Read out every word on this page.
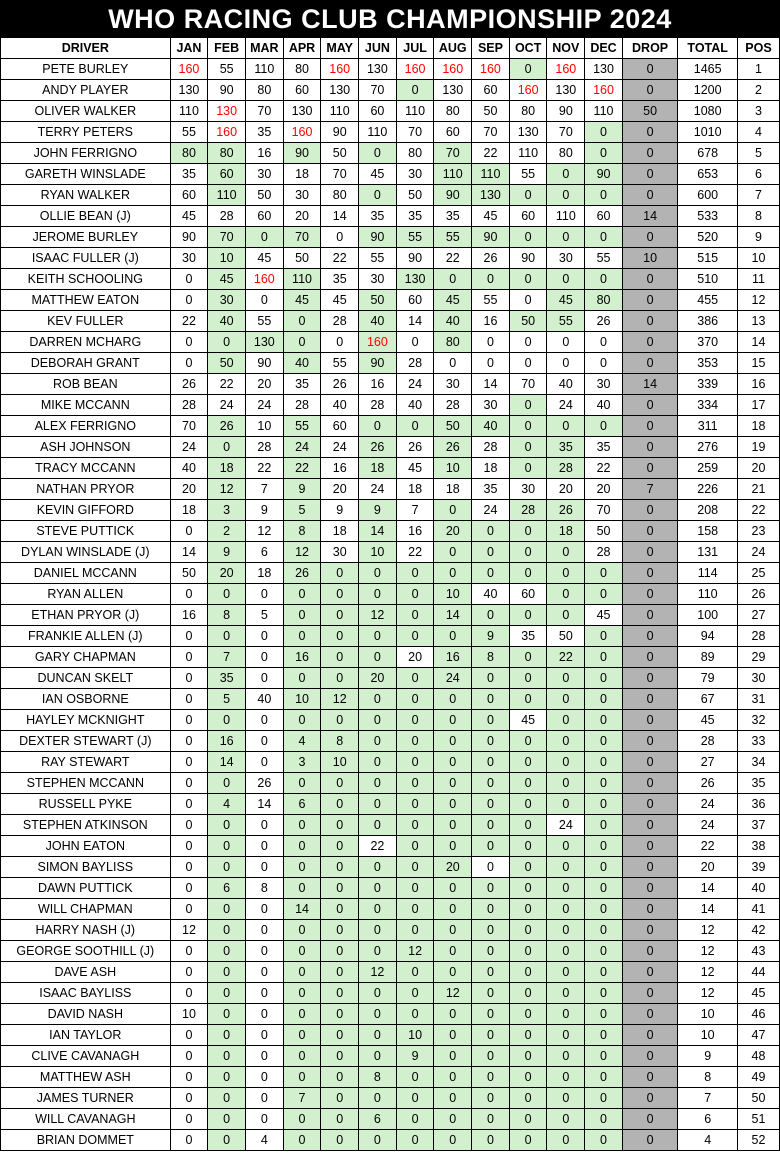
WHO RACING CLUB CHAMPIONSHIP 2024
DRIVER	JAN	FEB	MAR	APR	MAY	JUN	JUL	AUG	SEP	OCT	NOV	DEC	DROP	TOTAL	POS
PETE BURLEY	160	55	110	80	160	130	160	160	160	0	160	130	0	1465	1
ANDY PLAYER	130	90	80	60	130	70	0	130	60	160	130	160	0	1200	2
OLIVER WALKER	110	130	70	130	110	60	110	80	50	80	90	110	50	1080	3
TERRY PETERS	55	160	35	160	90	110	70	60	70	130	70	0	0	1010	4
JOHN FERRIGNO	80	80	16	90	50	0	80	70	22	110	80	0	0	678	5
GARETH WINSLADE	35	60	30	18	70	45	30	110	110	55	0	90	0	653	6
RYAN WALKER	60	110	50	30	80	0	50	90	130	0	0	0	0	600	7
OLLIE BEAN (J)	45	28	60	20	14	35	35	35	45	60	110	60	14	533	8
JEROME BURLEY	90	70	0	70	0	90	55	55	90	0	0	0	0	520	9
ISAAC FULLER (J)	30	10	45	50	22	55	90	22	26	90	30	55	10	515	10
KEITH SCHOOLING	0	45	160	110	35	30	130	0	0	0	0	0	0	510	11
MATTHEW EATON	0	30	0	45	45	50	60	45	55	0	45	80	0	455	12
KEV FULLER	22	40	55	0	28	40	14	40	16	50	55	26	0	386	13
DARREN MCHARG	0	0	130	0	0	160	0	80	0	0	0	0	0	370	14
DEBORAH GRANT	0	50	90	40	55	90	28	0	0	0	0	0	0	353	15
ROB BEAN	26	22	20	35	26	16	24	30	14	70	40	30	14	339	16
MIKE MCCANN	28	24	24	28	40	28	40	28	30	0	24	40	0	334	17
ALEX FERRIGNO	70	26	10	55	60	0	0	50	40	0	0	0	0	311	18
ASH JOHNSON	24	0	28	24	24	26	26	26	28	0	35	35	0	276	19
TRACY MCCANN	40	18	22	22	16	18	45	10	18	0	28	22	0	259	20
NATHAN PRYOR	20	12	7	9	20	24	18	18	35	30	20	20	7	226	21
KEVIN GIFFORD	18	3	9	5	9	9	7	0	24	28	26	70	0	208	22
STEVE PUTTICK	0	2	12	8	18	14	16	20	0	0	18	50	0	158	23
DYLAN WINSLADE (J)	14	9	6	12	30	10	22	0	0	0	0	28	0	131	24
DANIEL MCCANN	50	20	18	26	0	0	0	0	0	0	0	0	0	114	25
RYAN ALLEN	0	0	0	0	0	0	0	10	40	60	0	0	0	110	26
ETHAN PRYOR (J)	16	8	5	0	0	12	0	14	0	0	0	45	0	100	27
FRANKIE ALLEN (J)	0	0	0	0	0	0	0	0	9	35	50	0	0	94	28
GARY CHAPMAN	0	7	0	16	0	0	20	16	8	0	22	0	0	89	29
DUNCAN SKELT	0	35	0	0	0	20	0	24	0	0	0	0	0	79	30
IAN OSBORNE	0	5	40	10	12	0	0	0	0	0	0	0	0	67	31
HAYLEY MCKNIGHT	0	0	0	0	0	0	0	0	0	45	0	0	0	45	32
DEXTER STEWART (J)	0	16	0	4	8	0	0	0	0	0	0	0	0	28	33
RAY STEWART	0	14	0	3	10	0	0	0	0	0	0	0	0	27	34
STEPHEN MCCANN	0	0	26	0	0	0	0	0	0	0	0	0	0	26	35
RUSSELL PYKE	0	4	14	6	0	0	0	0	0	0	0	0	0	24	36
STEPHEN ATKINSON	0	0	0	0	0	0	0	0	0	0	24	0	0	24	37
JOHN EATON	0	0	0	0	0	22	0	0	0	0	0	0	0	22	38
SIMON BAYLISS	0	0	0	0	0	0	0	20	0	0	0	0	0	20	39
DAWN PUTTICK	0	6	8	0	0	0	0	0	0	0	0	0	0	14	40
WILL CHAPMAN	0	0	0	14	0	0	0	0	0	0	0	0	0	14	41
HARRY NASH (J)	12	0	0	0	0	0	0	0	0	0	0	0	0	12	42
GEORGE SOOTHILL (J)	0	0	0	0	0	0	12	0	0	0	0	0	0	12	43
DAVE ASH	0	0	0	0	0	12	0	0	0	0	0	0	0	12	44
ISAAC BAYLISS	0	0	0	0	0	0	0	12	0	0	0	0	0	12	45
DAVID NASH	10	0	0	0	0	0	0	0	0	0	0	0	0	10	46
IAN TAYLOR	0	0	0	0	0	0	10	0	0	0	0	0	0	10	47
CLIVE CAVANAGH	0	0	0	0	0	0	9	0	0	0	0	0	0	9	48
MATTHEW ASH	0	0	0	0	0	8	0	0	0	0	0	0	0	8	49
JAMES TURNER	0	0	0	7	0	0	0	0	0	0	0	0	0	7	50
WILL CAVANAGH	0	0	0	0	0	6	0	0	0	0	0	0	0	6	51
BRIAN DOMMET	0	0	4	0	0	0	0	0	0	0	0	0	0	4	52
